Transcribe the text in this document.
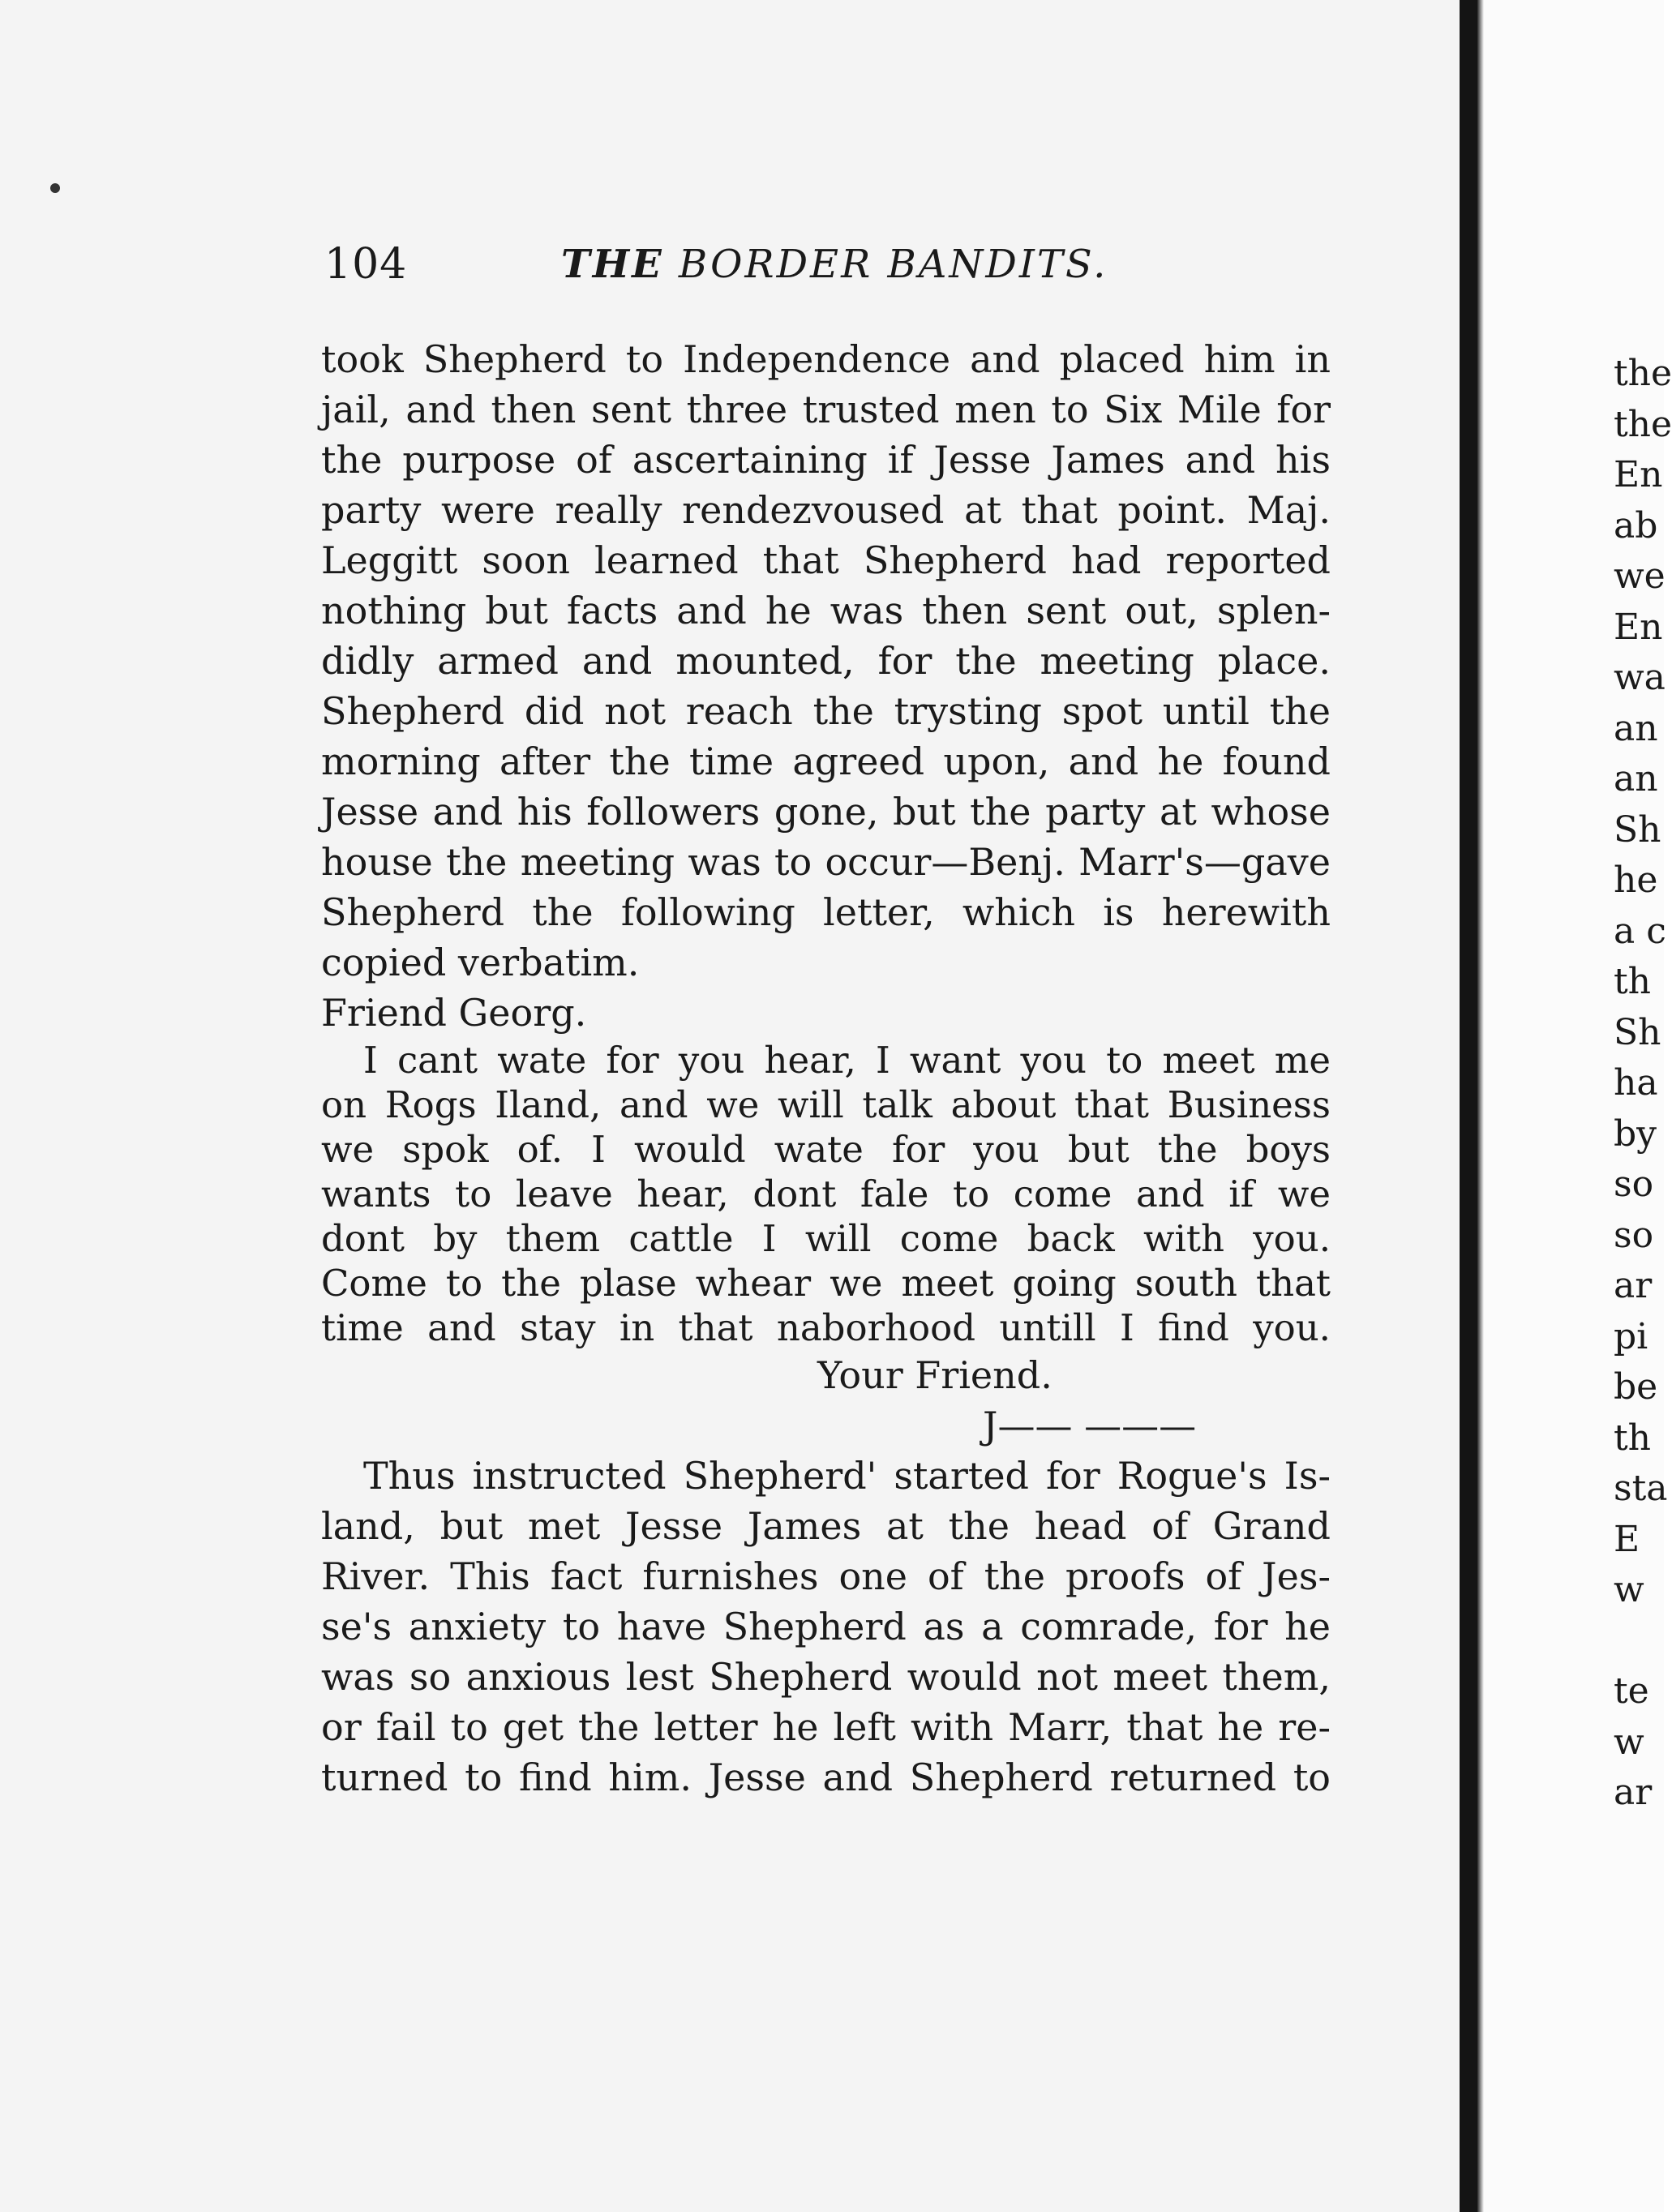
104	THE BORDER BANDITS.
took Shepherd to Independence and placed him in
jail, and then sent three trusted men to Six Mile for
the purpose of ascertaining if Jesse James and his
party were really rendezvoused at that point. Maj.
Leggitt soon learned that Shepherd had reported
nothing but facts and he was then sent out, splen-
didly armed and mounted, for the meeting place.
Shepherd did not reach the trysting spot until the
morning after the time agreed upon, and he found
Jesse and his followers gone, but the party at whose
house the meeting was to occur—Benj. Marr's—gave
Shepherd the following letter, which is herewith
copied verbatim.
Friend Georg.
I cant wate for you hear, I want you to meet me
on Rogs Iland, and we will talk about that Business
we spok of. I would wate for you but the boys
wants to leave hear, dont fale to come and if we
dont by them cattle I will come back with you.
Come to the plase whear we meet going south that
time and stay in that naborhood untill I find you.
Your Friend.
J—— ———
Thus instructed Shepherd' started for Rogue's Is-
land, but met Jesse James at the head of Grand
River. This fact furnishes one of the proofs of Jes-
se's anxiety to have Shepherd as a comrade, for he
was so anxious lest Shepherd would not meet them,
or fail to get the letter he left with Marr, that he re-
turned to find him. Jesse and Shepherd returned to
the
the
En
ab
we
En
wa
an
an
Sh
he
a c
th
Sh
ha
by
so
so
ar
pi
be
th
sta
E
w

te
w
ar
